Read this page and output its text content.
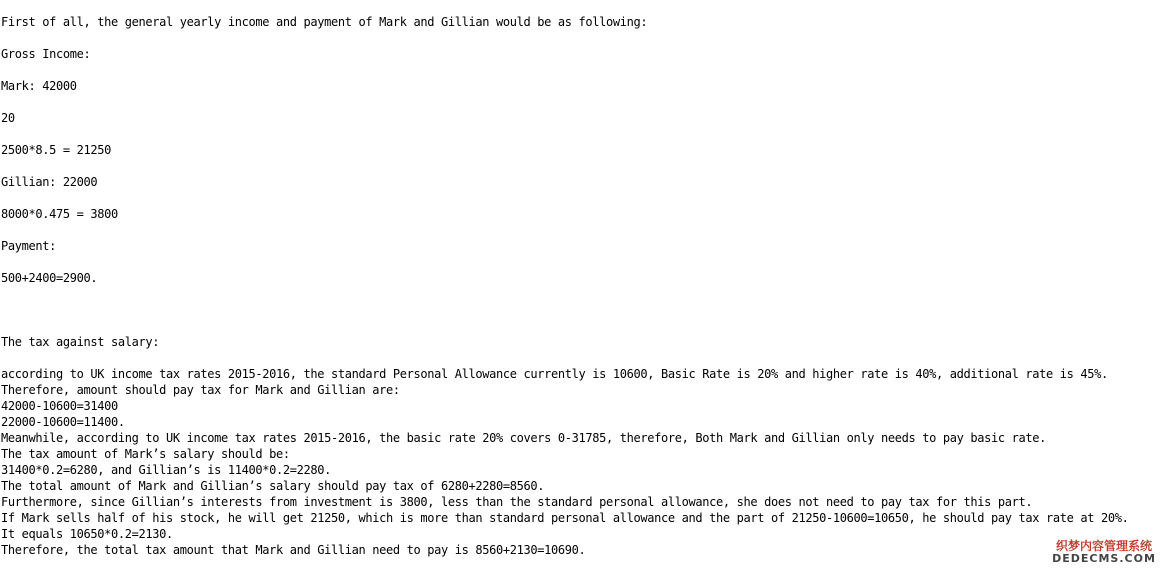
First of all, the general yearly income and payment of Mark and Gillian would be as following:
Gross Income:
Mark: 42000
20
2500*8.5 = 21250
Gillian: 22000
8000*0.475 = 3800
Payment:
500+2400=2900.
The tax against salary:
according to UK income tax rates 2015-2016, the standard Personal Allowance currently is 10600, Basic Rate is 20% and higher rate is 40%, additional rate is 45%.
Therefore, amount should pay tax for Mark and Gillian are:
42000-10600=31400
22000-10600=11400.
Meanwhile, according to UK income tax rates 2015-2016, the basic rate 20% covers 0-31785, therefore, Both Mark and Gillian only needs to pay basic rate.
The tax amount of Mark’s salary should be:
31400*0.2=6280, and Gillian’s is 11400*0.2=2280.
The total amount of Mark and Gillian’s salary should pay tax of 6280+2280=8560.
Furthermore, since Gillian’s interests from investment is 3800, less than the standard personal allowance, she does not need to pay tax for this part.
If Mark sells half of his stock, he will get 21250, which is more than standard personal allowance and the part of 21250-10600=10650, he should pay tax rate at 20%.
It equals 10650*0.2=2130.
Therefore, the total tax amount that Mark and Gillian need to pay is 8560+2130=10690.	织梦内容管理系统
DEDECMS.COM
